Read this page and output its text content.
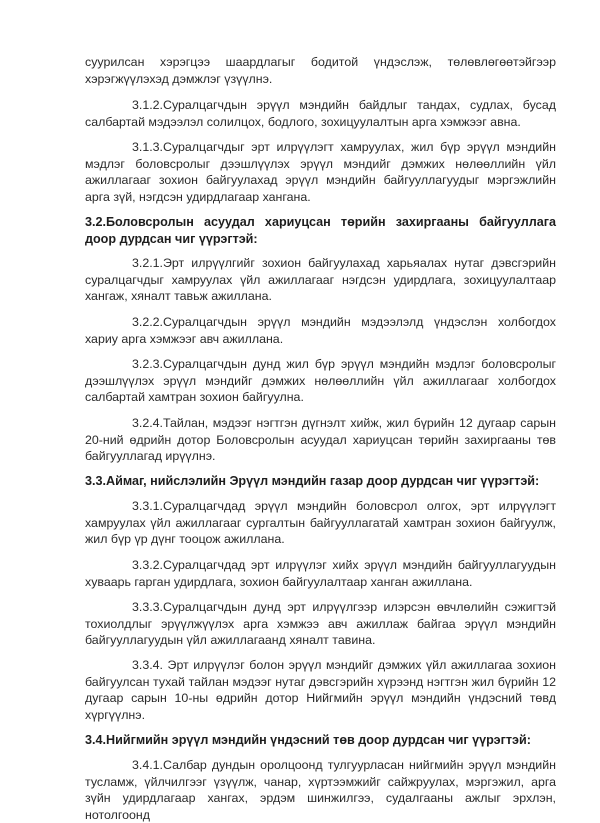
суурилсан хэрэгцээ шаардлагыг бодитой үндэслэж, төлөвлөгөөтэйгээр хэрэгжүүлэхэд дэмжлэг үзүүлнэ.

3.1.2.Суралцагчдын эрүүл мэндийн байдлыг тандах, судлах, бусад салбартай мэдээлэл солилцох, бодлого, зохицуулалтын арга хэмжээг авна.

3.1.3.Суралцагчдыг эрт илрүүлэгт хамруулах, жил бүр эрүүл мэндийн мэдлэг боловсролыг дээшлүүлэх эрүүл мэндийг дэмжих нөлөөллийн үйл ажиллагааг зохион байгуулахад эрүүл мэндийн байгууллагуудыг мэргэжлийн арга зүй, нэгдсэн удирдлагаар хангана.

3.2.Боловсролын асуудал хариуцсан төрийн захиргааны байгууллага доор дурдсан чиг үүрэгтэй:

3.2.1.Эрт илрүүлгийг зохион байгуулахад харьяалах нутаг дэвсгэрийн суралцагчдыг хамруулах үйл ажиллагааг нэгдсэн удирдлага, зохицуулалтаар хангаж, хяналт тавьж ажиллана.

3.2.2.Суралцагчдын эрүүл мэндийн мэдээлэлд үндэслэн холбогдох хариу арга хэмжээг авч ажиллана.

3.2.3.Суралцагчдын дунд жил бүр эрүүл мэндийн мэдлэг боловсролыг дээшлүүлэх эрүүл мэндийг дэмжих нөлөөллийн үйл ажиллагааг холбогдох салбартай хамтран зохион байгуулна.

3.2.4.Тайлан, мэдээг нэгтгэн дүгнэлт хийж, жил бүрийн 12 дугаар сарын 20-ний өдрийн дотор Боловсролын асуудал хариуцсан төрийн захиргааны төв байгууллагад ирүүлнэ.

3.3.Аймаг, нийслэлийн Эрүүл мэндийн газар доор дурдсан чиг үүрэгтэй:

3.3.1.Суралцагчдад эрүүл мэндийн боловсрол олгох, эрт илрүүлэгт хамруулах үйл ажиллагааг сургалтын байгууллагатай хамтран зохион байгуулж, жил бүр үр дүнг тооцож ажиллана.

3.3.2.Суралцагчдад эрт илрүүлэг хийх эрүүл мэндийн байгууллагуудын хуваарь гарган удирдлага, зохион байгуулалтаар ханган ажиллана.

3.3.3.Суралцагчдын дунд эрт илрүүлгээр илэрсэн өвчлөлийн сэжигтэй тохиолдлыг эрүүлжүүлэх арга хэмжээ авч ажиллаж байгаа эрүүл мэндийн байгууллагуудын үйл ажиллагаанд хяналт тавина.

3.3.4. Эрт илрүүлэг болон эрүүл мэндийг дэмжих үйл ажиллагаа зохион байгуулсан тухай тайлан мэдээг нутаг дэвсгэрийн хүрээнд нэгтгэн жил бүрийн 12 дугаар сарын 10-ны өдрийн дотор Нийгмийн эрүүл мэндийн үндэсний төвд хүргүүлнэ.

3.4.Нийгмийн эрүүл мэндийн үндэсний төв доор дурдсан чиг үүрэгтэй:

3.4.1.Салбар дундын оролцоонд тулгуурласан нийгмийн эрүүл мэндийн тусламж, үйлчилгээг үзүүлж, чанар, хүртээмжийг сайжруулах, мэргэжил, арга зүйн удирдлагаар хангах, эрдэм шинжилгээ, судалгааны ажлыг эрхлэн, нотолгоонд
